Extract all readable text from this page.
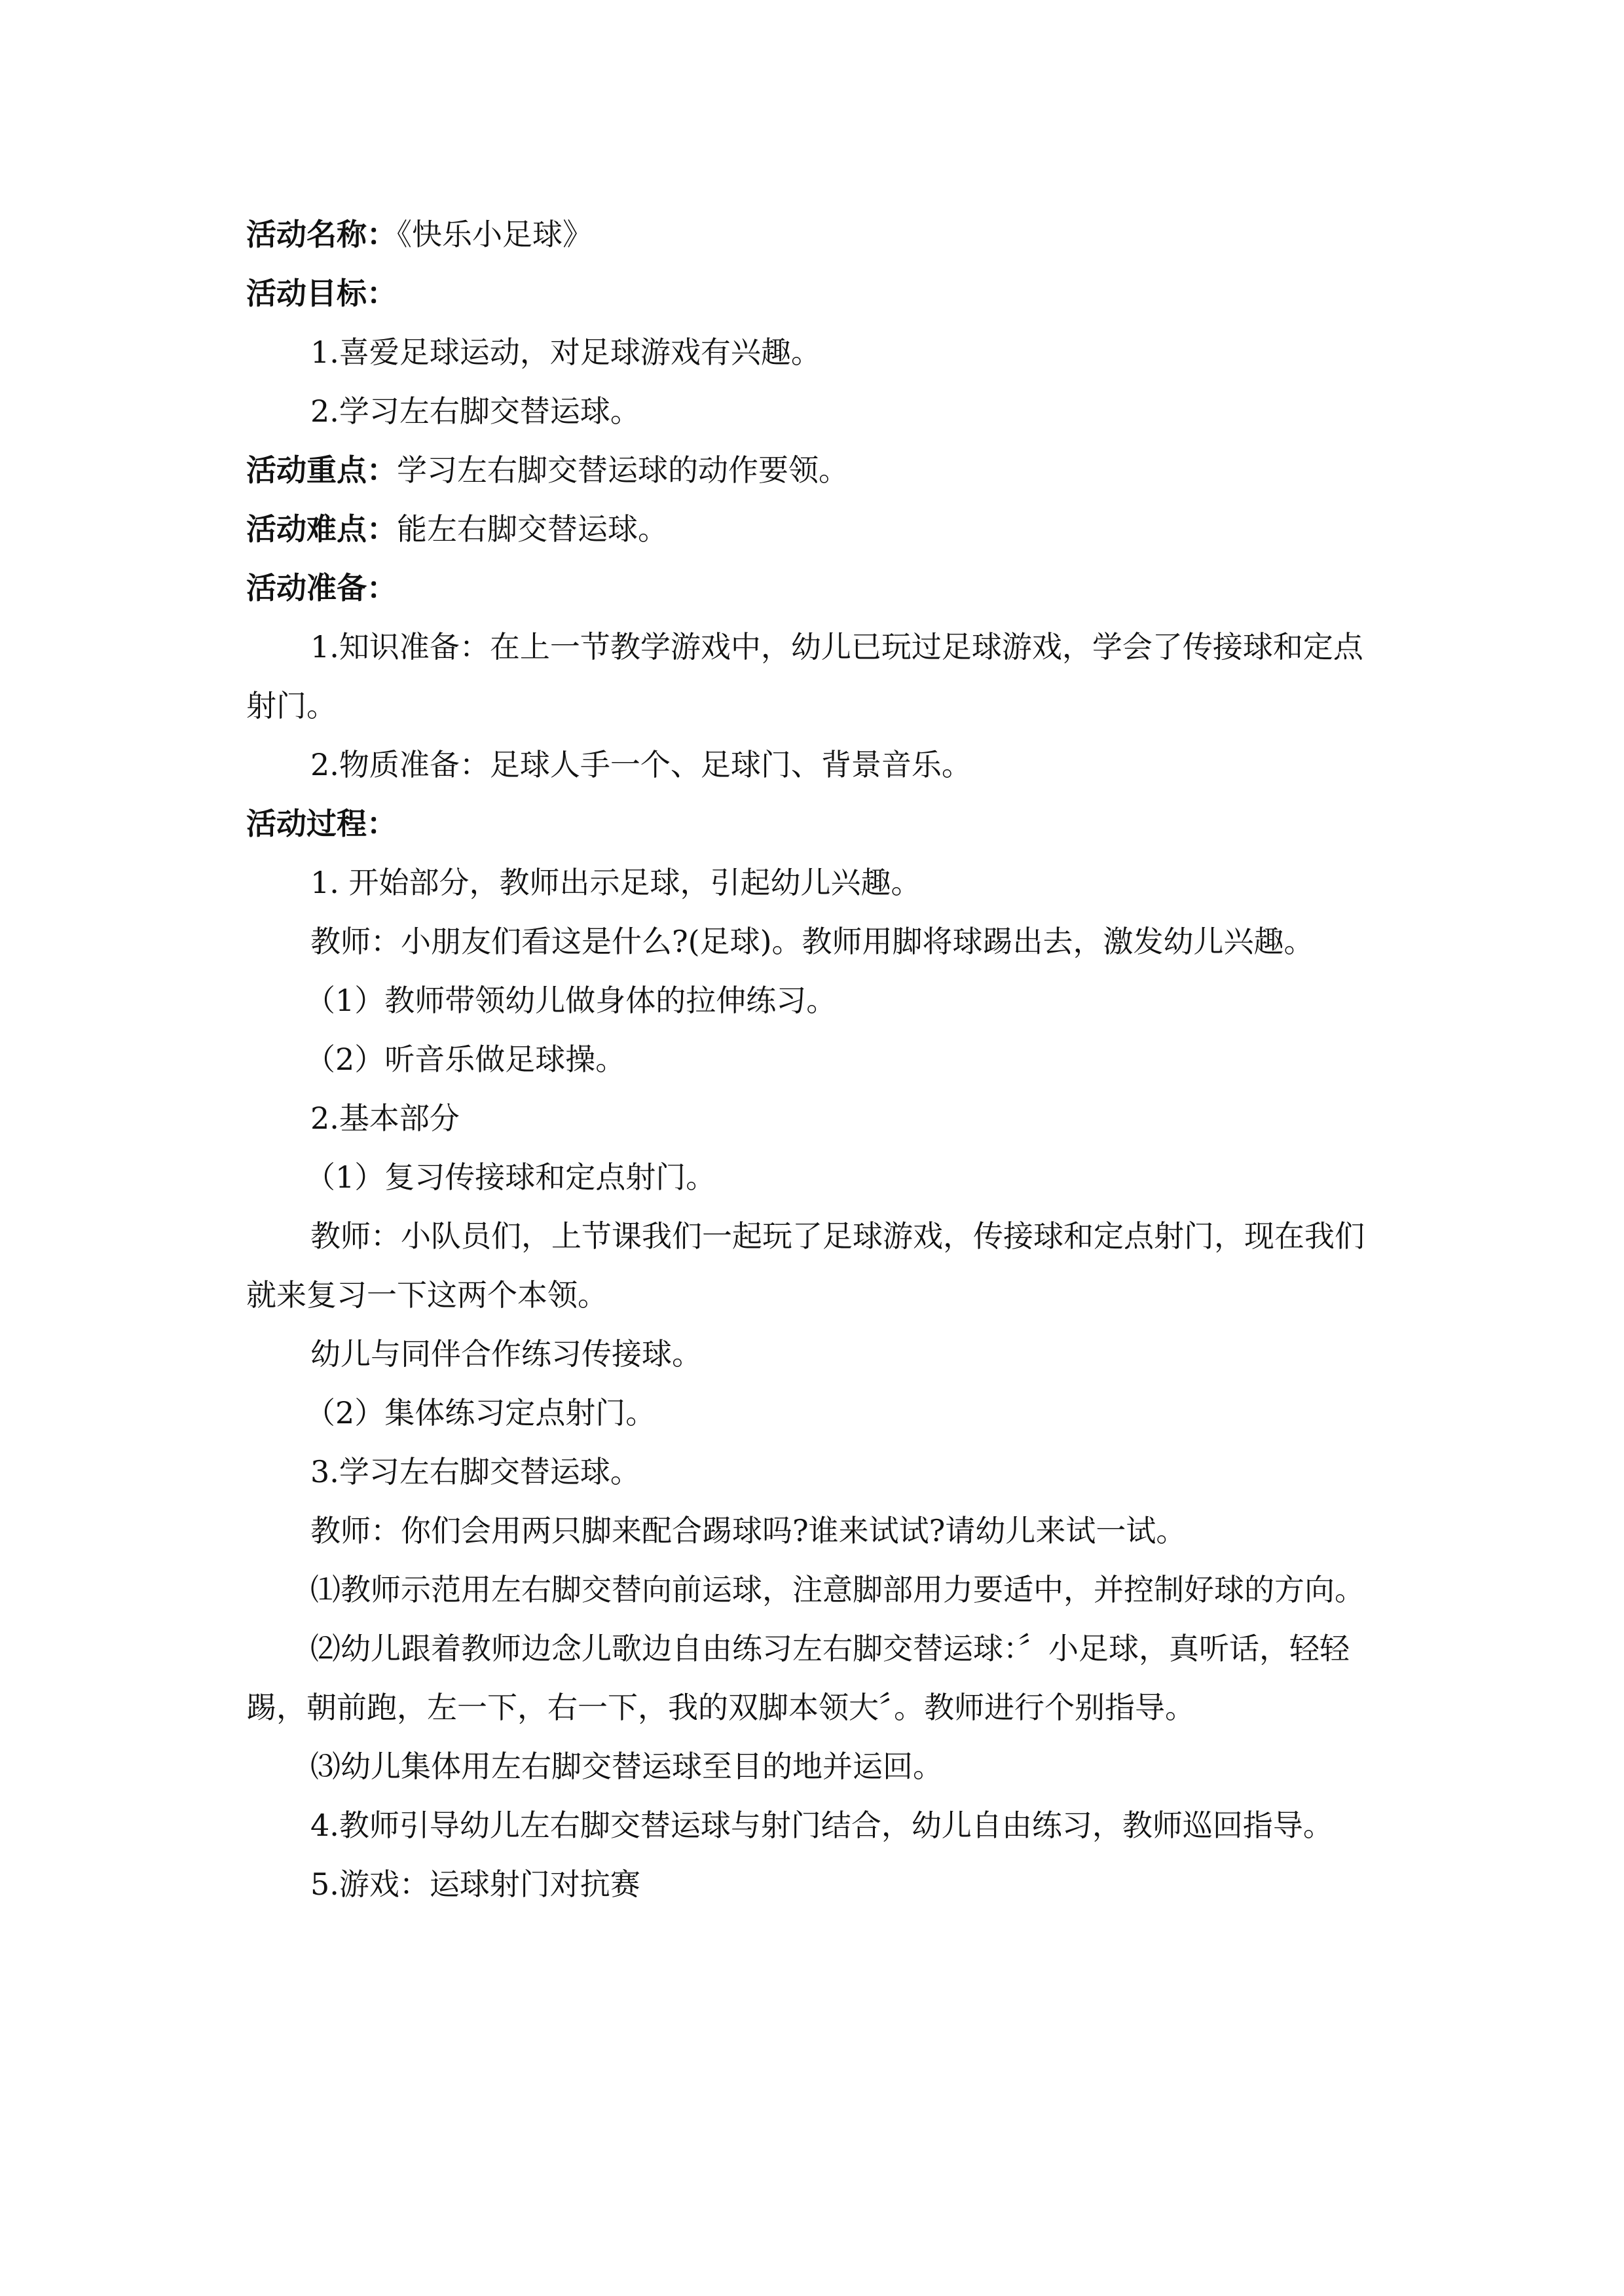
活动名称：《快乐小足球》

活动目标：

1.喜爱足球运动，对足球游戏有兴趣。

2.学习左右脚交替运球。

活动重点：学习左右脚交替运球的动作要领。

活动难点：能左右脚交替运球。

活动准备：

1.知识准备：在上一节教学游戏中，幼儿已玩过足球游戏，学会了传接球和定点射门。

2.物质准备：足球人手一个、足球门、背景音乐。

活动过程：

1. 开始部分，教师出示足球，引起幼儿兴趣。

教师：小朋友们看这是什么?(足球)。教师用脚将球踢出去，激发幼儿兴趣。

（1）教师带领幼儿做身体的拉伸练习。

（2）听音乐做足球操。

2.基本部分

（1）复习传接球和定点射门。

教师：小队员们，上节课我们一起玩了足球游戏，传接球和定点射门，现在我们就来复习一下这两个本领。

幼儿与同伴合作练习传接球。

（2）集体练习定点射门。

3.学习左右脚交替运球。

教师：你们会用两只脚来配合踢球吗?谁来试试?请幼儿来试一试。

⑴教师示范用左右脚交替向前运球，注意脚部用力要适中，并控制好球的方向。

⑵幼儿跟着教师边念儿歌边自由练习左右脚交替运球：〞小足球，真听话，轻轻踢，朝前跑，左一下，右一下，我的双脚本领大〞。教师进行个别指导。

⑶幼儿集体用左右脚交替运球至目的地并运回。

4.教师引导幼儿左右脚交替运球与射门结合，幼儿自由练习，教师巡回指导。

5.游戏：运球射门对抗赛
